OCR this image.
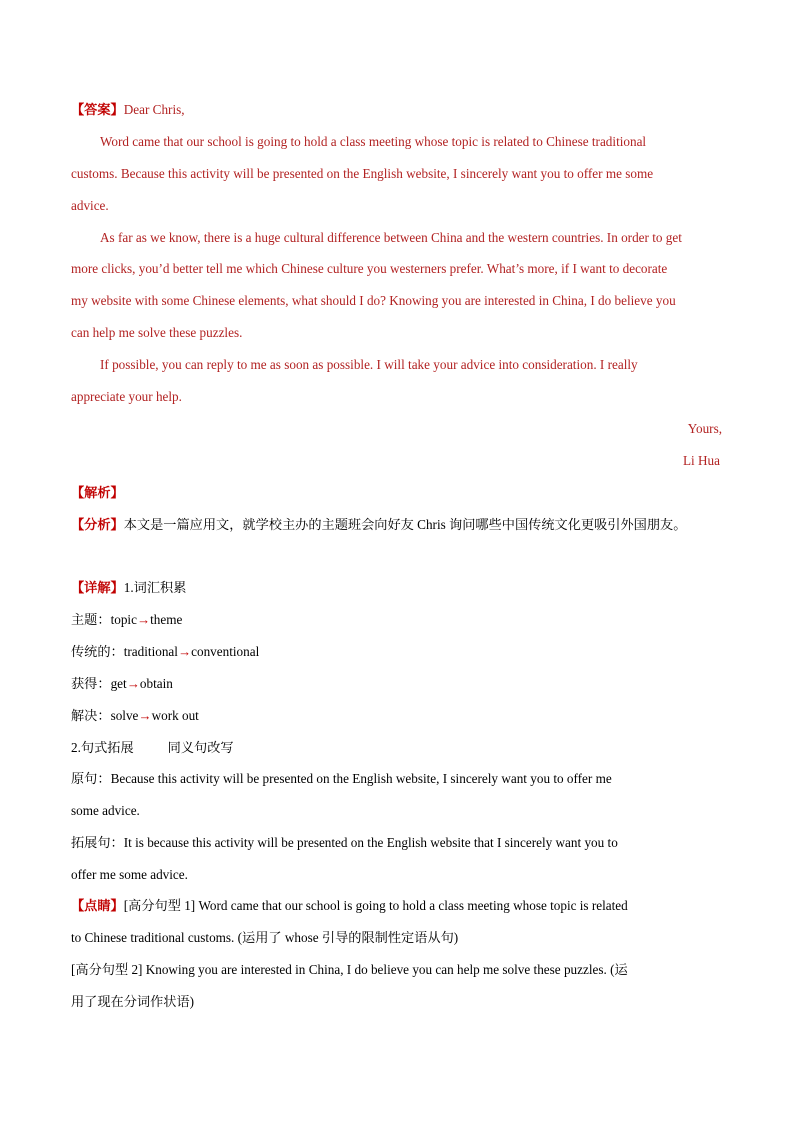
【答案】Dear Chris,
Word came that our school is going to hold a class meeting whose topic is related to Chinese traditional
customs. Because this activity will be presented on the English website, I sincerely want you to offer me some
advice.
As far as we know, there is a huge cultural difference between China and the western countries. In order to get
more clicks, you’d better tell me which Chinese culture you westerners prefer. What’s more, if I want to decorate
my website with some Chinese elements, what should I do? Knowing you are interested in China, I do believe you
can help me solve these puzzles.
If possible, you can reply to me as soon as possible. I will take your advice into consideration. I really
appreciate your help.
Yours,
Li Hua
【解析】
【分析】本文是一篇应用文，就学校主办的主题班会向好友 Chris 询问哪些中国传统文化更吸引外国朋友。
【详解】1.词汇积累
主题：topic→theme
传统的：traditional→conventional
获得：get→obtain
解决：solve→work out
2.句式拓展	同义句改写
原句：Because this activity will be presented on the English website, I sincerely want you to offer me
some advice.
拓展句：It is because this activity will be presented on the English website that I sincerely want you to
offer me some advice.
【点睛】[高分句型 1] Word came that our school is going to hold a class meeting whose topic is related
to Chinese traditional customs. (运用了 whose 引导的限制性定语从句)
[高分句型 2] Knowing you are interested in China, I do believe you can help me solve these puzzles. (运
用了现在分词作状语)
